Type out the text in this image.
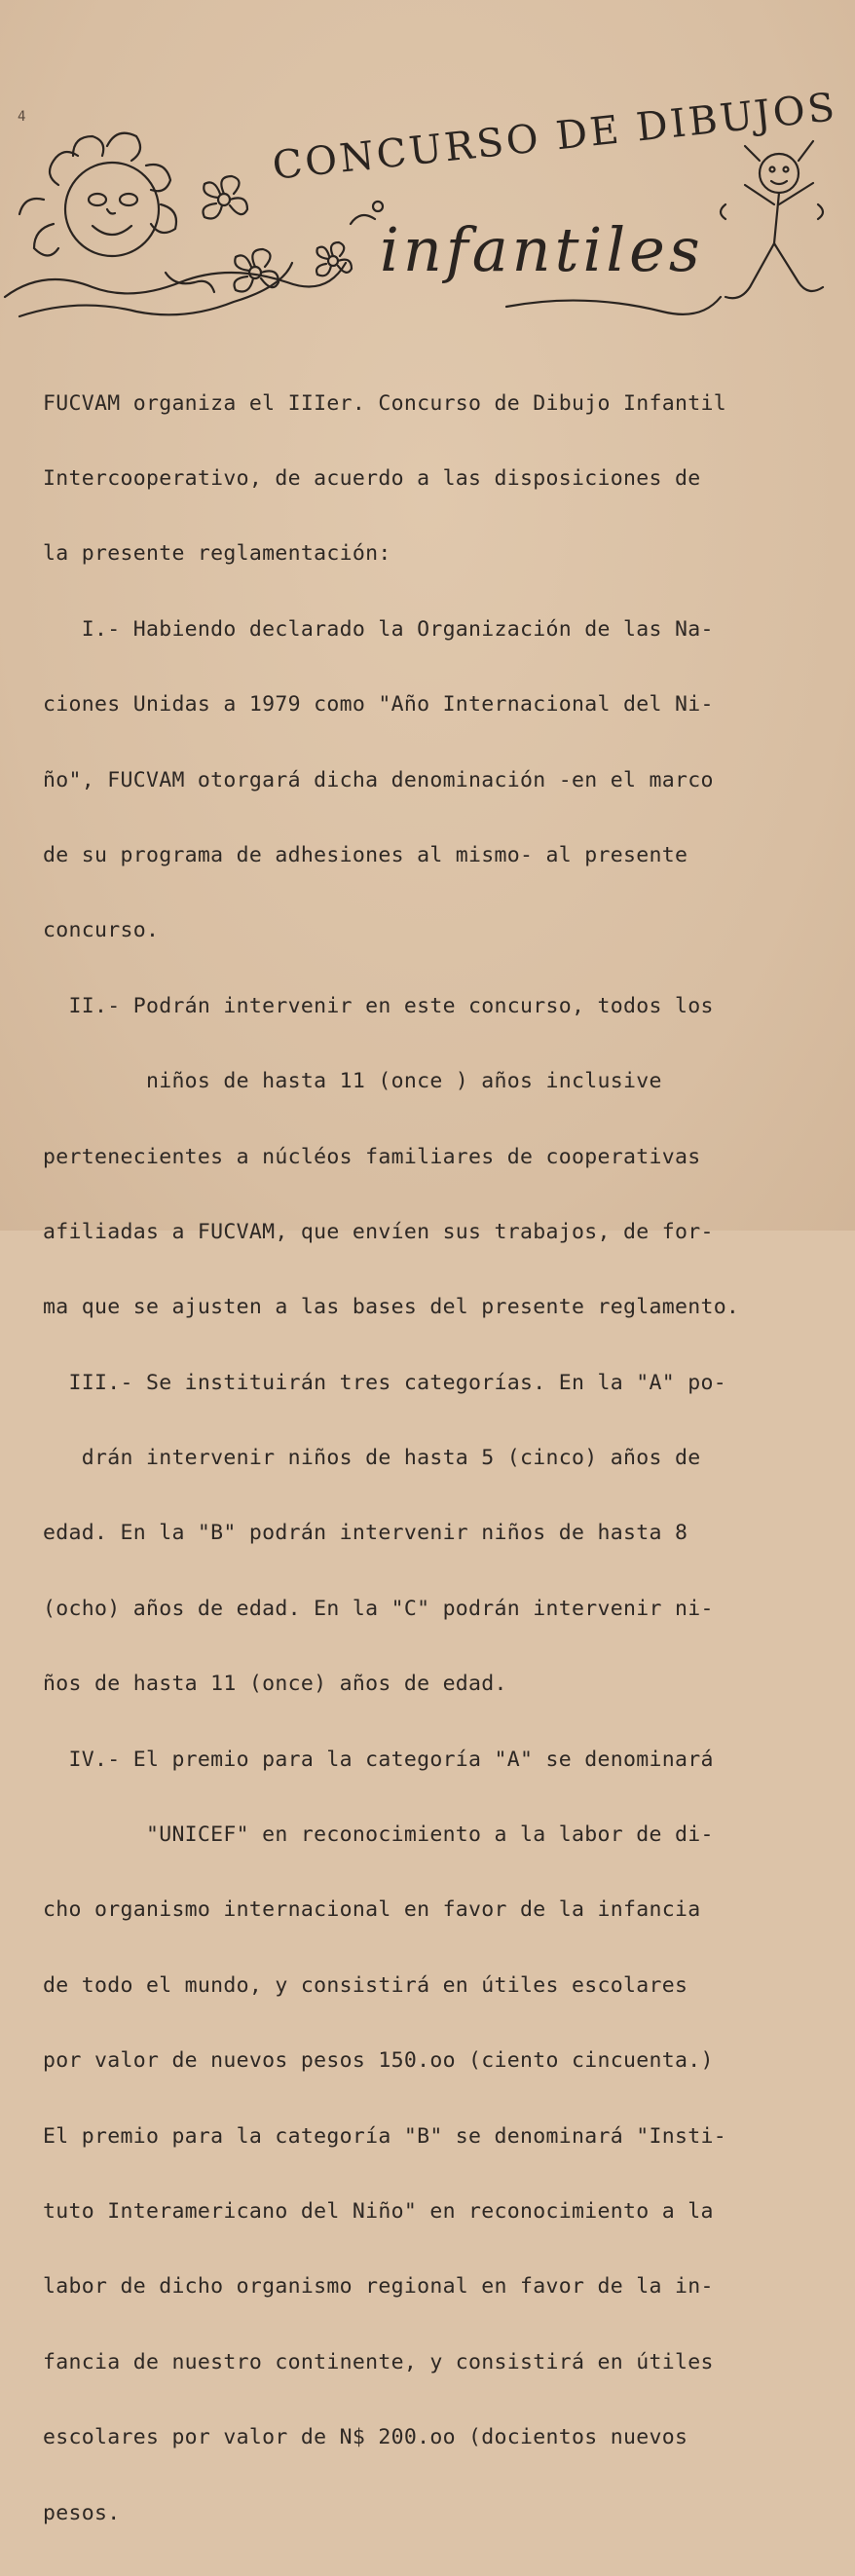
4	CONCURSO DE DIBUJOS
infantiles

FUCVAM organiza el IIIer. Concurso de Dibujo Infantil

Intercooperativo, de acuerdo a las disposiciones de

la presente reglamentación:

I.- Habiendo declarado la Organización de las Na-

ciones Unidas a 1979 como "Año Internacional del Ni-

ño", FUCVAM otorgará dicha denominación -en el marco

de su programa de adhesiones al mismo- al presente

concurso.

II.- Podrán intervenir en este concurso, todos los

niños de hasta 11 (once ) años inclusive

pertenecientes a núcléos familiares de cooperativas

afiliadas a FUCVAM, que envíen sus trabajos, de for-

ma que se ajusten a las bases del presente reglamento.

III.- Se instituirán tres categorías. En la "A" po-

drán intervenir niños de hasta 5 (cinco) años de

edad. En la "B" podrán intervenir niños de hasta 8

(ocho) años de edad. En la "C" podrán intervenir ni-

ños de hasta 11 (once) años de edad.

IV.- El premio para la categoría "A" se denominará

"UNICEF" en reconocimiento a la labor de di-

cho organismo internacional en favor de la infancia

de todo el mundo, y consistirá en útiles escolares

por valor de nuevos pesos 150.oo (ciento cincuenta.)

El premio para la categoría "B" se denominará "Insti-

tuto Interamericano del Niño" en reconocimiento a la

labor de dicho organismo regional en favor de la in-

fancia de nuestro continente, y consistirá en útiles

escolares por valor de N$ 200.oo (docientos nuevos

pesos.
